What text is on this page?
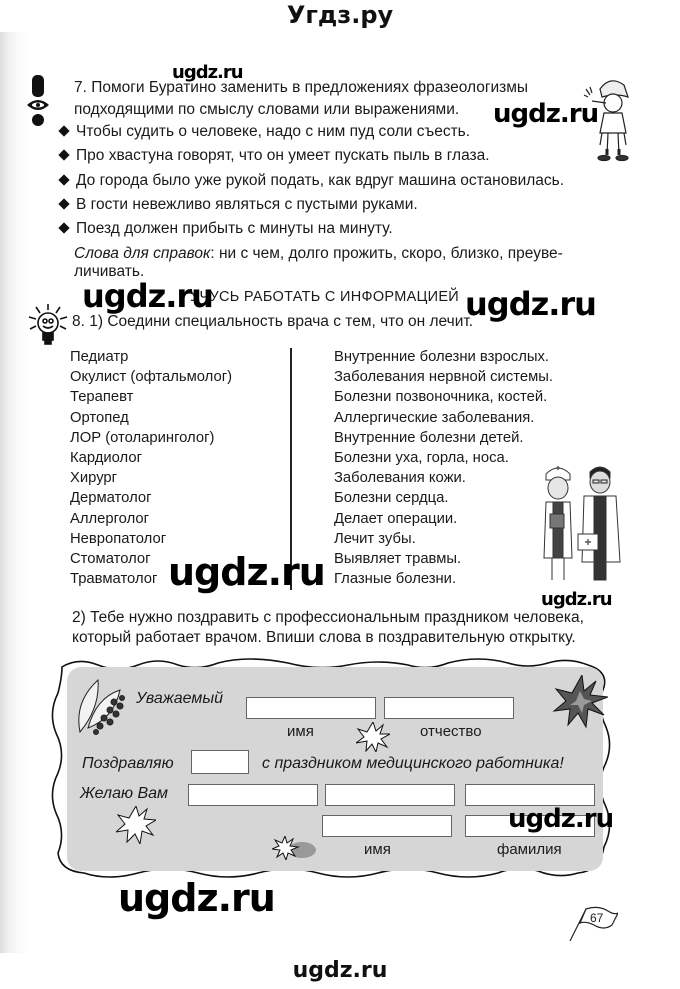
Угдз.ру
7. Помоги Буратино заменить в предложениях фразеологизмы
подходящими по смыслу словами или выражениями.
Чтобы судить о человеке, надо с ним пуд соли съесть.
Про хвастуна говорят, что он умеет пускать пыль в глаза.
До города было уже рукой подать, как вдруг машина остановилась.
В гости невежливо являться с пустыми руками.
Поезд должен прибыть с минуты на минуту.
Слова для справок: ни с чем, долго прожить, скоро, близко, преуве-
личивать.
УЧУСЬ РАБОТАТЬ С ИНФОРМАЦИЕЙ
8. 1) Соедини специальность врача с тем, что он лечит.
Педиатр
Окулист (офтальмолог)
Терапевт
Ортопед
ЛОР (отоларинголог)
Кардиолог
Хирург
Дерматолог
Аллерголог
Невропатолог
Стоматолог
Травматолог
Внутренние болезни взрослых.
Заболевания нервной системы.
Болезни позвоночника, костей.
Аллергические заболевания.
Внутренние болезни детей.
Болезни уха, горла, носа.
Заболевания кожи.
Болезни сердца.
Делает операции.
Лечит зубы.
Выявляет травмы.
Глазные болезни.
2) Тебе нужно поздравить с профессиональным праздником человека,
который работает врачом. Впиши слова в поздравительную открытку.
Уважаемый
имя	отчество
Поздравляю	с праздником медицинского работника!
Желаю Вам
имя	фамилия
67
ugdz.ru
ugdz.ru
ugdz.ru	ugdz.ru
ugdz.ru
ugdz.ru
ugdz.ru
ugdz.ru
ugdz.ru
